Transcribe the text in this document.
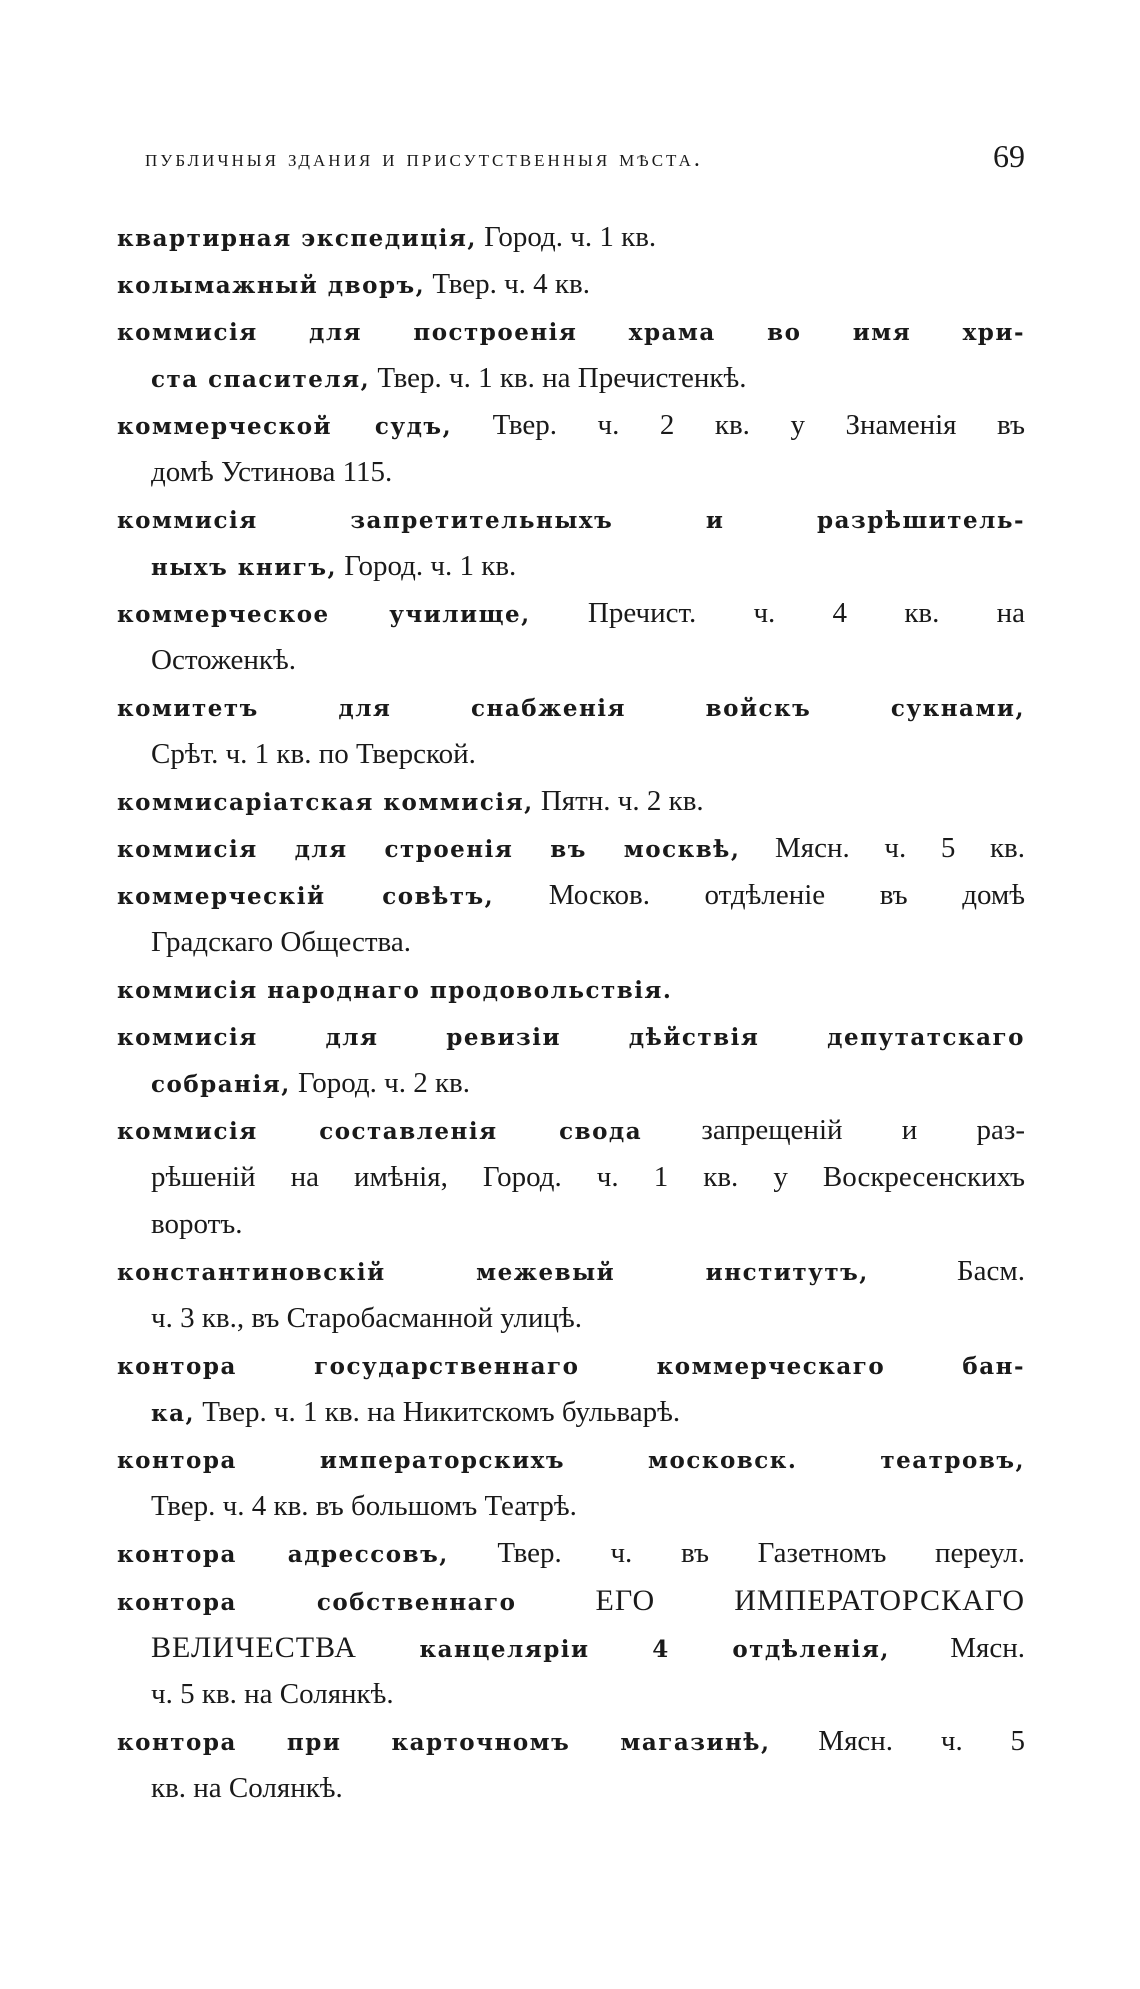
публичныя здания и присутственныя мѣста.	69
квартирная экспедиція, Город. ч. 1 кв.
колымажный дворъ, Твер. ч. 4 кв.
коммисія для построенія храма во имя хри-
ста спасителя, Твер. ч. 1 кв. на Пречистенкѣ.
коммерческой судъ, Твер. ч. 2 кв. у Знаменія въ
домѣ Устинова 115.
коммисія запретительныхъ и разрѣшитель-
ныхъ книгъ, Город. ч. 1 кв.
коммерческое училище, Пречист. ч. 4 кв. на
Остоженкѣ.
комитетъ для снабженія войскъ сукнами,
Срѣт. ч. 1 кв. по Тверской.
коммисаріатская коммисія, Пятн. ч. 2 кв.
коммисія для строенія въ москвѣ, Мясн. ч. 5 кв.
коммерческій совѣтъ, Москов. отдѣленіе въ домѣ
Градскаго Общества.
коммисія народнаго продовольствія.
коммисія для ревизіи дѣйствія депутатскаго
собранія, Город. ч. 2 кв.
коммисія составленія свода запрещеній и раз-
рѣшеній на имѣнія, Город. ч. 1 кв. у Воскресенскихъ
воротъ.
константиновскій межевый институтъ, Басм.
ч. 3 кв., въ Старобасманной улицѣ.
контора государственнаго коммерческаго бан-
ка, Твер. ч. 1 кв. на Никитскомъ бульварѣ.
контора императорскихъ московск. театровъ,
Твер. ч. 4 кв. въ большомъ Театрѣ.
контора адрессовъ, Твер. ч. въ Газетномъ переул.
контора собственнаго ЕГО ИМПЕРАТОРСКАГО
ВЕЛИЧЕСТВА канцеляріи 4 отдѣленія, Мясн.
ч. 5 кв. на Солянкѣ.
контора при карточномъ магазинѣ, Мясн. ч. 5
кв. на Солянкѣ.
